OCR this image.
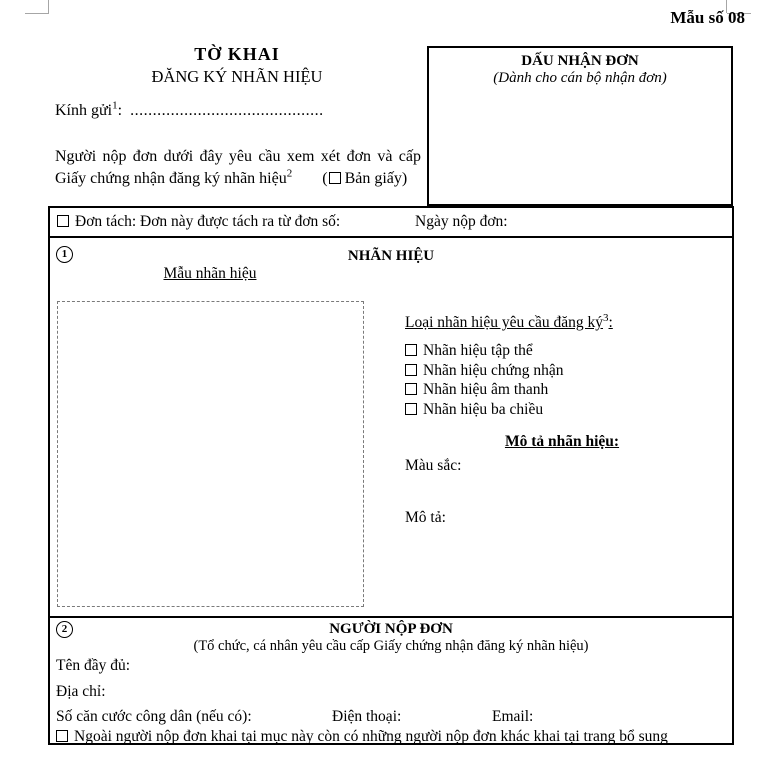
Mẫu số 08
TỜ KHAI
ĐĂNG KÝ NHÃN HIỆU
Kính gửi$^1$: ...........................................
Người nộp đơn dưới đây yêu cầu xem xét đơn và cấp
Giấy chứng nhận đăng ký nhãn hiệu$^2$ ( Bản giấy)
DẤU NHẬN ĐƠN
(Dành cho cán bộ nhận đơn)
Đơn tách: Đơn này được tách ra từ đơn số:	Ngày nộp đơn:
1	NHÃN HIỆU
Mẫu nhãn hiệu
Loại nhãn hiệu yêu cầu đăng $ký^3$:
Nhãn hiệu tập thể
Nhãn hiệu chứng nhận
Nhãn hiệu âm thanh
Nhãn hiệu ba chiều
Mô tả nhãn hiệu:
Màu sắc:
Mô tả:
2	NGƯỜI NỘP ĐƠN
(Tổ chức, cá nhân yêu cầu cấp Giấy chứng nhận đăng ký nhãn hiệu)
Tên đầy đủ:
Địa chỉ:
Số căn cước công dân (nếu có):	Điện thoại:	Email:
Ngoài người nộp đơn khai tại mục này còn có những người nộp đơn khác khai tại trang bổ sung
